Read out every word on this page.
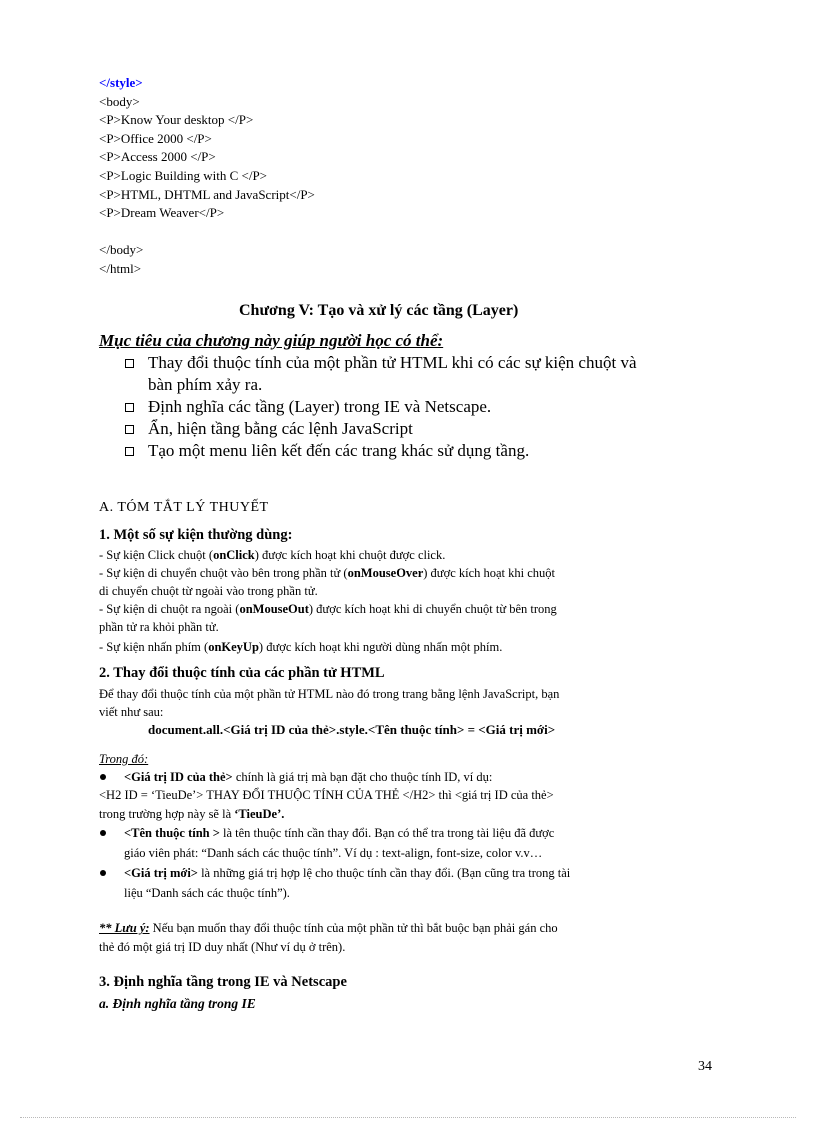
</style>
<body>
<P>Know Your desktop </P>
<P>Office 2000 </P>
<P>Access 2000 </P>
<P>Logic Building with C </P>
<P>HTML, DHTML and JavaScript</P>
<P>Dream Weaver</P>
</body>
</html>
Chương V: Tạo và xử lý các tầng (Layer)
Mục tiêu của chương này giúp người học có thể:
Thay đổi thuộc tính của một phần tử HTML khi có các sự kiện chuột và
bàn phím xảy ra.
Định nghĩa các tầng (Layer) trong IE và Netscape.
Ẩn, hiện tầng bằng các lệnh JavaScript
Tạo một menu liên kết đến các trang khác sử dụng tầng.
A. TÓM TẮT LÝ THUYẾT
1. Một số sự kiện thường dùng:
- Sự kiện Click chuột (onClick) được kích hoạt khi chuột được click.
- Sự kiện di chuyển chuột vào bên trong phần tử (onMouseOver) được kích hoạt khi chuột
di chuyển chuột từ ngoài vào trong phần tử.
- Sự kiện di chuột ra ngoài (onMouseOut) được kích hoạt khi di chuyển chuột từ bên trong
phần tử ra khỏi phần tử.
- Sự kiện nhấn phím (onKeyUp) được kích hoạt khi người dùng nhấn một phím.
2. Thay đổi thuộc tính của các phần tử HTML
Để thay đổi thuộc tính của một phần tử HTML nào đó trong trang bằng lệnh JavaScript, bạn
viết như sau:
document.all.<Giá trị ID của thẻ>.style.<Tên thuộc tính> = <Giá trị mới>
Trong đó:
<Giá trị ID của thẻ> chính là giá trị mà bạn đặt cho thuộc tính ID, ví dụ:
<H2 ID = ‘TieuDe’> THAY ĐỔI THUỘC TÍNH CỦA THẺ </H2> thì <giá trị ID của thẻ>
trong trường hợp này sẽ là ‘TieuDe’.
<Tên thuộc tính > là tên thuộc tính cần thay đổi. Bạn có thể tra trong tài liệu đã được
giáo viên phát: “Danh sách các thuộc tính”. Ví dụ : text-align, font-size, color v.v…
<Giá trị mới> là những giá trị hợp lệ cho thuộc tính cần thay đổi. (Bạn cũng tra trong tài
liệu “Danh sách các thuộc tính”).
** Lưu ý: Nếu bạn muốn thay đổi thuộc tính của một phần tử thì bắt buộc bạn phải gán cho
thẻ đó một giá trị ID duy nhất (Như ví dụ ở trên).
3. Định nghĩa tầng trong IE và Netscape
a. Định nghĩa tầng trong IE
34
